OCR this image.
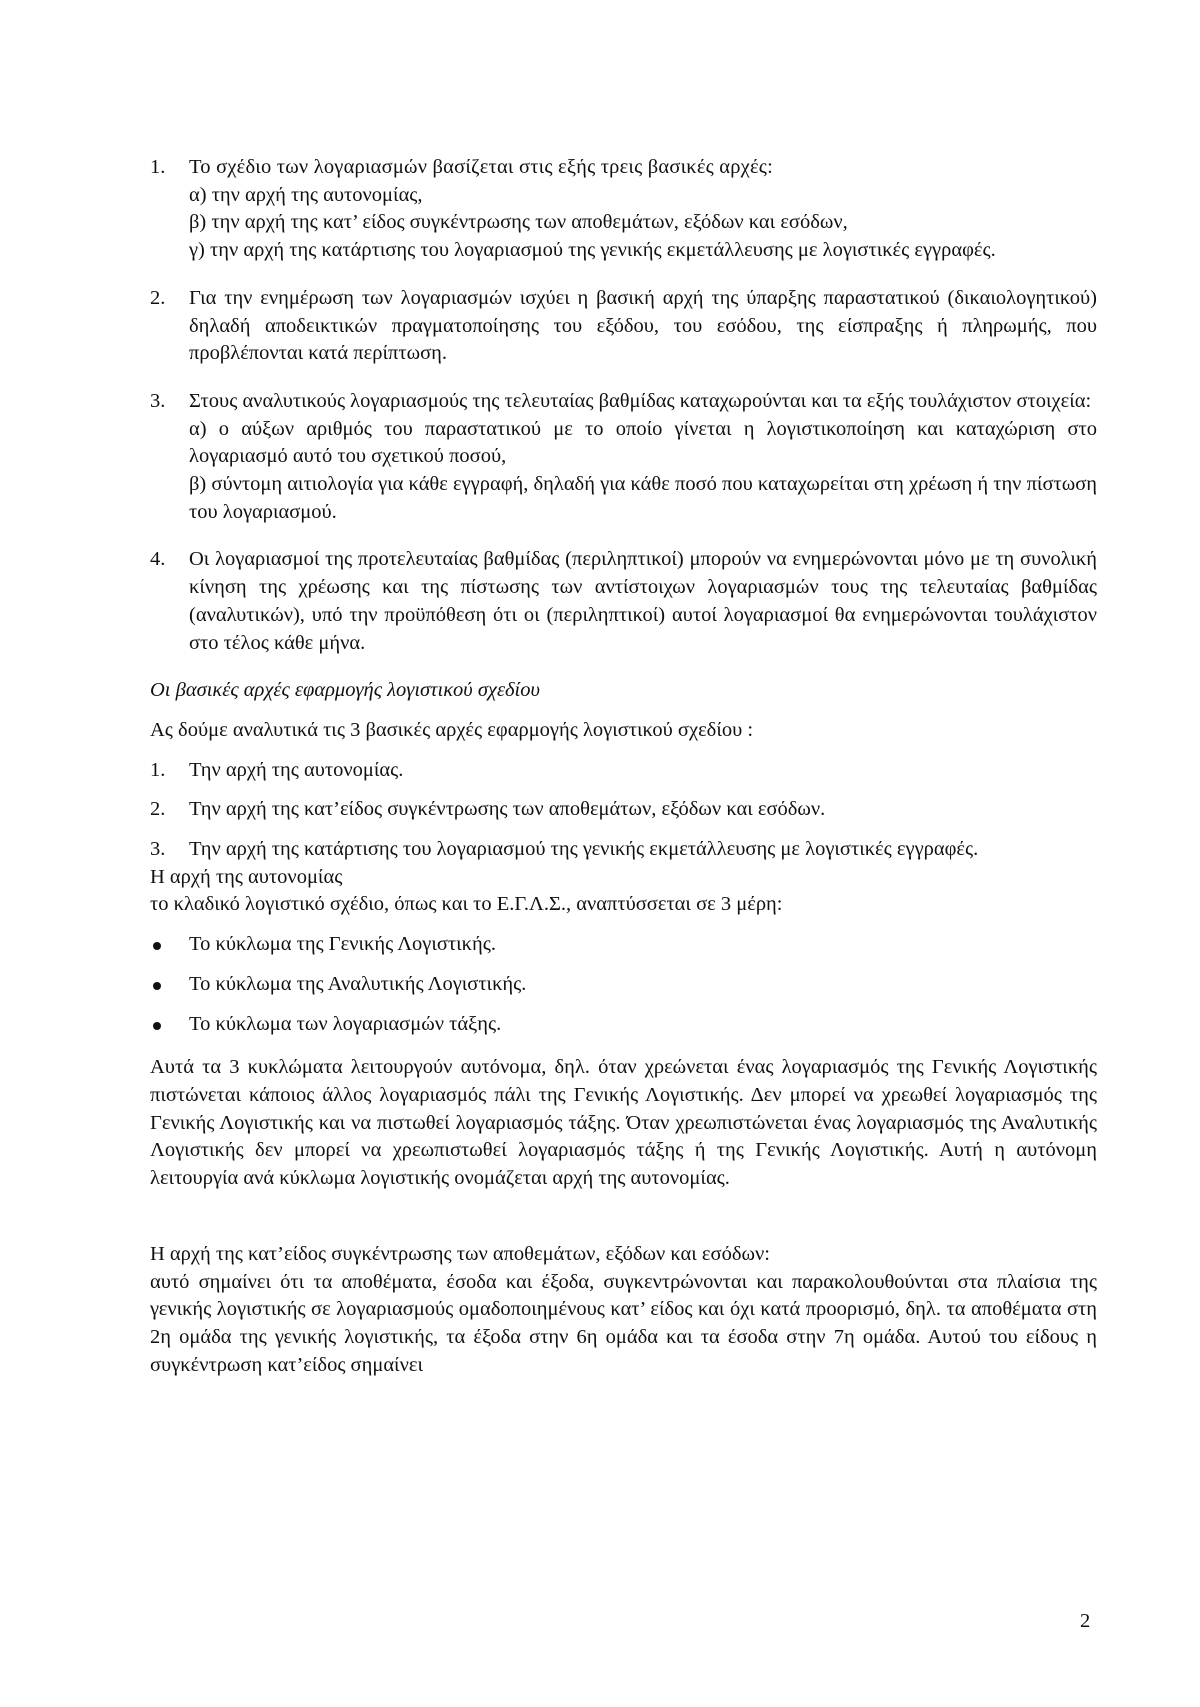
1. Το σχέδιο των λογαριασμών βασίζεται στις εξής τρεις βασικές αρχές:

α) την αρχή της αυτονομίας,

β) την αρχή της κατ’ είδος συγκέντρωσης των αποθεμάτων, εξόδων και εσόδων,

γ) την αρχή της κατάρτισης του λογαριασμού της γενικής εκμετάλλευσης με λογιστικές εγγραφές.

2. Για την ενημέρωση των λογαριασμών ισχύει η βασική αρχή της ύπαρξης παραστατικού (δικαιολογητικού) δηλαδή αποδεικτικών πραγματοποίησης του εξόδου, του εσόδου, της είσπραξης ή πληρωμής, που προβλέπονται κατά περίπτωση.

3. Στους αναλυτικούς λογαριασμούς της τελευταίας βαθμίδας καταχωρούνται και τα εξής τουλάχιστον στοιχεία:

α) ο αύξων αριθμός του παραστατικού με το οποίο γίνεται η λογιστικοποίηση και καταχώριση στο λογαριασμό αυτό του σχετικού ποσού,

β) σύντομη αιτιολογία για κάθε εγγραφή, δηλαδή για κάθε ποσό που καταχωρείται στη χρέωση ή την πίστωση του λογαριασμού.

4. Οι λογαριασμοί της προτελευταίας βαθμίδας (περιληπτικοί) μπορούν να ενημερώνονται μόνο με τη συνολική κίνηση της χρέωσης και της πίστωσης των αντίστοιχων λογαριασμών τους της τελευταίας βαθμίδας (αναλυτικών), υπό την προϋπόθεση ότι οι (περιληπτικοί) αυτοί λογαριασμοί θα ενημερώνονται τουλάχιστον στο τέλος κάθε μήνα.

Οι βασικές αρχές εφαρμογής λογιστικού σχεδίου

Ας δούμε αναλυτικά τις 3 βασικές αρχές εφαρμογής λογιστικού σχεδίου :

1. Την αρχή της αυτονομίας.

2. Την αρχή της κατ’είδος συγκέντρωσης των αποθεμάτων, εξόδων και εσόδων.

3. Την αρχή της κατάρτισης του λογαριασμού της γενικής εκμετάλλευσης με λογιστικές εγγραφές.

Η αρχή της αυτονομίας

το κλαδικό λογιστικό σχέδιο, όπως και το Ε.Γ.Λ.Σ., αναπτύσσεται σε 3 μέρη:

Το κύκλωμα της Γενικής Λογιστικής.

Το κύκλωμα της Αναλυτικής Λογιστικής.

Το κύκλωμα των λογαριασμών τάξης.

Αυτά τα 3 κυκλώματα λειτουργούν αυτόνομα, δηλ. όταν χρεώνεται ένας λογαριασμός της Γενικής Λογιστικής πιστώνεται κάποιος άλλος λογαριασμός πάλι της Γενικής Λογιστικής. Δεν μπορεί να χρεωθεί λογαριασμός της Γενικής Λογιστικής και να πιστωθεί λογαριασμός τάξης. Όταν χρεωπιστώνεται ένας λογαριασμός της Αναλυτικής Λογιστικής δεν μπορεί να χρεωπιστωθεί λογαριασμός τάξης ή της Γενικής Λογιστικής. Αυτή η αυτόνομη λειτουργία ανά κύκλωμα λογιστικής ονομάζεται αρχή της αυτονομίας.

Η αρχή της κατ’είδος συγκέντρωσης των αποθεμάτων, εξόδων και εσόδων:

αυτό σημαίνει ότι τα αποθέματα, έσοδα και έξοδα, συγκεντρώνονται και παρακολουθούνται στα πλαίσια της γενικής λογιστικής σε λογαριασμούς ομαδοποιημένους κατ’ είδος και όχι κατά προορισμό, δηλ. τα αποθέματα στη 2η ομάδα της γενικής λογιστικής, τα έξοδα στην 6η ομάδα και τα έσοδα στην 7η ομάδα. Αυτού του είδους η συγκέντρωση κατ’είδος σημαίνει

2
